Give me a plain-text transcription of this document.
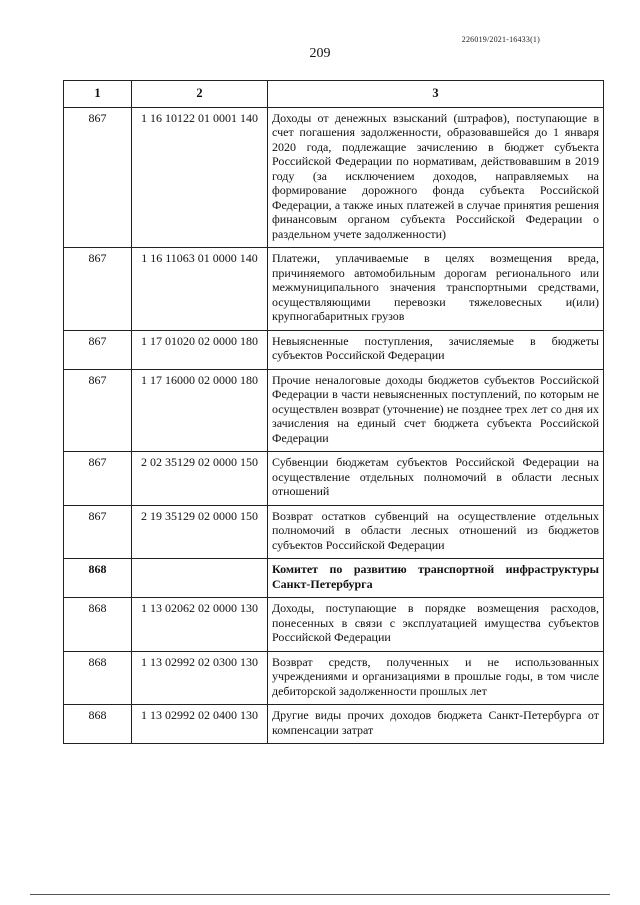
226019/2021-16433(1)
209
1	2	3
867	1 16 10122 01 0001 140	Доходы от денежных взысканий (штрафов), поступающие в счет погашения задолженности, образовавшейся до 1 января 2020 года, подлежащие зачислению в бюджет субъекта Российской Федерации по нормативам, действовавшим в 2019 году (за исключением доходов, направляемых на формирование дорожного фонда субъекта Российской Федерации, а также иных платежей в случае принятия решения финансовым органом субъекта Российской Федерации о раздельном учете задолженности)
867	1 16 11063 01 0000 140	Платежи, уплачиваемые в целях возмещения вреда, причиняемого автомобильным дорогам регионального или межмуниципального значения транспортными средствами, осуществляющими перевозки тяжеловесных и(или) крупногабаритных грузов
867	1 17 01020 02 0000 180	Невыясненные поступления, зачисляемые в бюджеты субъектов Российской Федерации
867	1 17 16000 02 0000 180	Прочие неналоговые доходы бюджетов субъектов Российской Федерации в части невыясненных поступлений, по которым не осуществлен возврат (уточнение) не позднее трех лет со дня их зачисления на единый счет бюджета субъекта Российской Федерации
867	2 02 35129 02 0000 150	Субвенции бюджетам субъектов Российской Федерации на осуществление отдельных полномочий в области лесных отношений
867	2 19 35129 02 0000 150	Возврат остатков субвенций на осуществление отдельных полномочий в области лесных отношений из бюджетов субъектов Российской Федерации
868		Комитет по развитию транспортной инфраструктуры Санкт-Петербурга
868	1 13 02062 02 0000 130	Доходы, поступающие в порядке возмещения расходов, понесенных в связи с эксплуатацией имущества субъектов Российской Федерации
868	1 13 02992 02 0300 130	Возврат средств, полученных и не использованных учреждениями и организациями в прошлые годы, в том числе дебиторской задолженности прошлых лет
868	1 13 02992 02 0400 130	Другие виды прочих доходов бюджета Санкт-Петербурга от компенсации затрат
